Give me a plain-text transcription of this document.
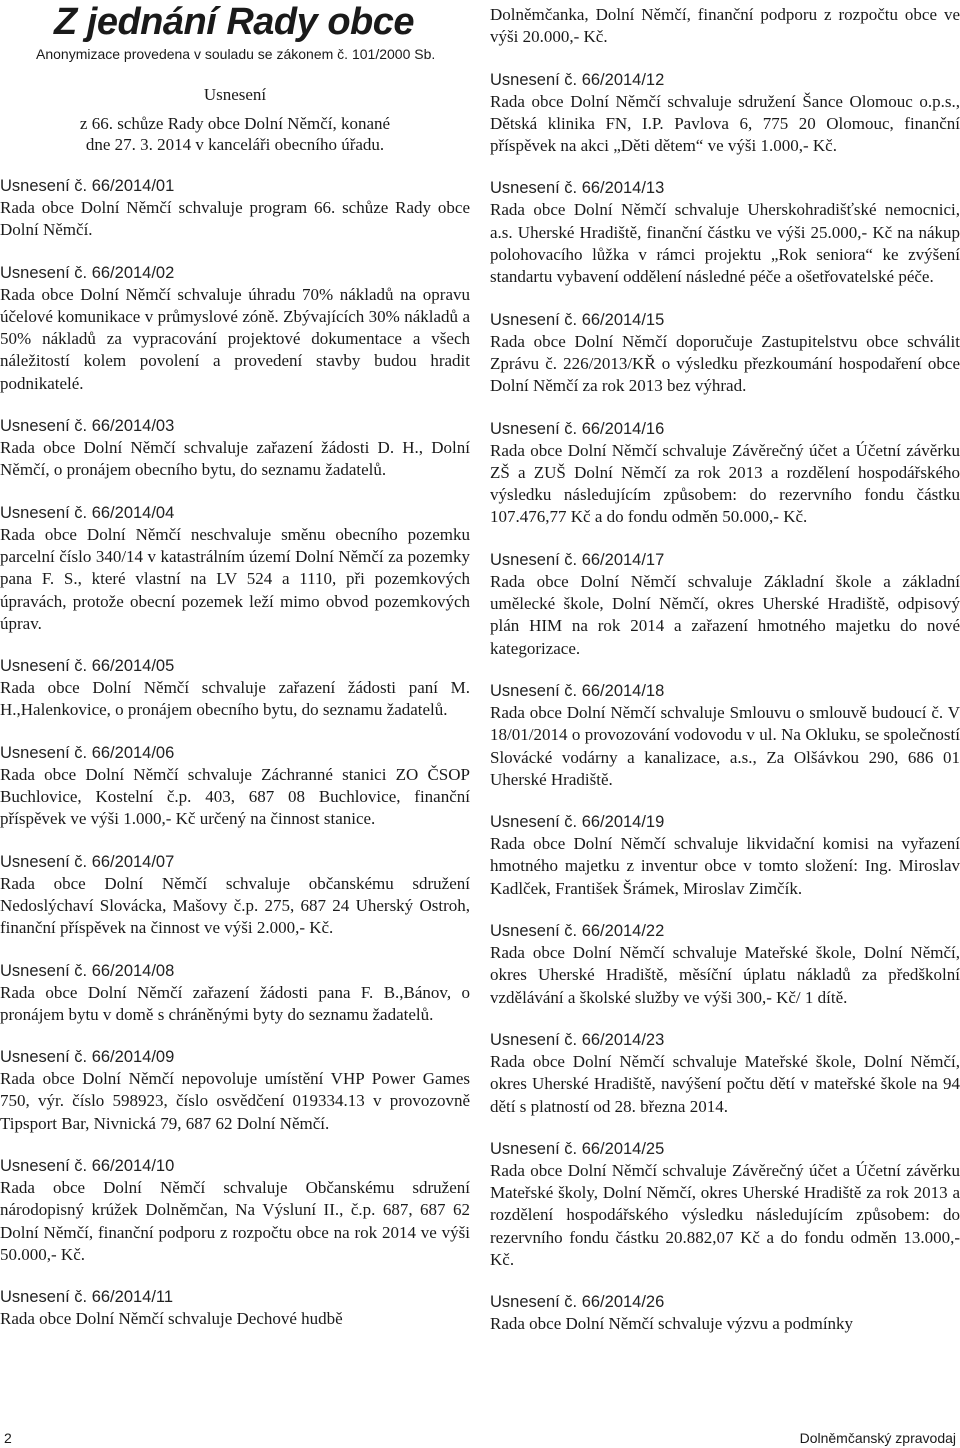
Z jednání Rady obce
Anonymizace provedena v souladu se zákonem č. 101/2000 Sb.
Usnesení
z 66. schůze Rady obce Dolní Němčí, konané
dne 27. 3. 2014 v kanceláři obecního úřadu.
Usnesení č. 66/2014/01
Rada obce Dolní Němčí schvaluje program 66. schůze Rady obce Dolní Němčí.
Usnesení č. 66/2014/02
Rada obce Dolní Němčí schvaluje úhradu 70% nákladů na opravu účelové komunikace v průmyslové zóně. Zbývajících 30% nákladů a 50% nákladů za vypracování projektové dokumentace a všech náležitostí kolem povolení a provedení stavby budou hradit podnikatelé.
Usnesení č. 66/2014/03
Rada obce Dolní Němčí schvaluje zařazení žádosti D. H., Dolní Němčí, o pronájem obecního bytu, do seznamu žadatelů.
Usnesení č. 66/2014/04
Rada obce Dolní Němčí neschvaluje směnu obecního pozemku parcelní číslo 340/14 v katastrálním území Dolní Němčí za pozemky pana F. S., které vlastní na LV 524 a 1110, při pozemkových úpravách, protože obecní pozemek leží mimo obvod pozemkových úprav.
Usnesení č. 66/2014/05
Rada obce Dolní Němčí schvaluje zařazení žádosti paní M. H.,Halenkovice, o pronájem obecního bytu, do seznamu žadatelů.
Usnesení č. 66/2014/06
Rada obce Dolní Němčí schvaluje Záchranné stanici ZO ČSOP Buchlovice, Kostelní č.p. 403, 687 08 Buchlovice, finanční příspěvek ve výši 1.000,- Kč určený na činnost stanice.
Usnesení č. 66/2014/07
Rada obce Dolní Němčí schvaluje občanskému sdružení Nedoslýchaví Slovácka, Mašovy č.p. 275, 687 24 Uherský Ostroh, finanční příspěvek na činnost ve výši 2.000,- Kč.
Usnesení č. 66/2014/08
Rada obce Dolní Němčí zařazení žádosti pana F. B.,Bánov, o pronájem bytu v domě s chráněnými byty do seznamu žadatelů.
Usnesení č. 66/2014/09
Rada obce Dolní Němčí nepovoluje umístění VHP Power Games 750, výr. číslo 598923, číslo osvědčení 019334.13 v provozovně Tipsport Bar, Nivnická 79, 687 62 Dolní Němčí.
Usnesení č. 66/2014/10
Rada obce Dolní Němčí schvaluje Občanskému sdružení národopisný krúžek Dolněmčan, Na Výsluní II., č.p. 687, 687 62 Dolní Němčí, finanční podporu z rozpočtu obce na rok 2014 ve výši 50.000,- Kč.
Usnesení č. 66/2014/11
Rada obce Dolní Němčí schvaluje Dechové hudbě
Dolněmčanka, Dolní Němčí, finanční podporu z rozpočtu obce ve výši 20.000,- Kč.
Usnesení č. 66/2014/12
Rada obce Dolní Němčí schvaluje sdružení Šance Olomouc o.p.s., Dětská klinika FN, I.P. Pavlova 6, 775 20 Olomouc, finanční příspěvek na akci „Děti dětem“ ve výši 1.000,- Kč.
Usnesení č. 66/2014/13
Rada obce Dolní Němčí schvaluje Uherskohradišťské nemocnici, a.s. Uherské Hradiště, finanční částku ve výši 25.000,- Kč na nákup polohovacího lůžka v rámci projektu „Rok seniora“ ke zvýšení standartu vybavení oddělení následné péče a ošetřovatelské péče.
Usnesení č. 66/2014/15
Rada obce Dolní Němčí doporučuje Zastupitelstvu obce schválit Zprávu č. 226/2013/KŘ o výsledku přezkoumání hospodaření obce Dolní Němčí za rok 2013 bez výhrad.
Usnesení č. 66/2014/16
Rada obce Dolní Němčí schvaluje Závěrečný účet a Účetní závěrku ZŠ a ZUŠ Dolní Němčí za rok 2013 a rozdělení hospodářského výsledku následujícím způsobem: do rezervního fondu částku 107.476,77 Kč a do fondu odměn 50.000,- Kč.
Usnesení č. 66/2014/17
Rada obce Dolní Němčí schvaluje Základní škole a základní umělecké škole, Dolní Němčí, okres Uherské Hradiště, odpisový plán HIM na rok 2014 a zařazení hmotného majetku do nové kategorizace.
Usnesení č. 66/2014/18
Rada obce Dolní Němčí schvaluje Smlouvu o smlouvě budoucí č. V 18/01/2014 o provozování vodovodu v ul. Na Okluku, se společností Slovácké vodárny a kanalizace, a.s., Za Olšávkou 290, 686 01 Uherské Hradiště.
Usnesení č. 66/2014/19
Rada obce Dolní Němčí schvaluje likvidační komisi na vyřazení hmotného majetku z inventur obce v tomto složení: Ing. Miroslav Kadlček, František Šrámek, Miroslav Zimčík.
Usnesení č. 66/2014/22
Rada obce Dolní Němčí schvaluje Mateřské škole, Dolní Němčí, okres Uherské Hradiště, měsíční úplatu nákladů za předškolní vzdělávání a školské služby ve výši 300,- Kč/ 1 dítě.
Usnesení č. 66/2014/23
Rada obce Dolní Němčí schvaluje Mateřské škole, Dolní Němčí, okres Uherské Hradiště, navýšení počtu dětí v mateřské škole na 94 dětí s platností od 28. března 2014.
Usnesení č. 66/2014/25
Rada obce Dolní Němčí schvaluje Závěrečný účet a Účetní závěrku Mateřské školy, Dolní Němčí, okres Uherské Hradiště za rok 2013 a rozdělení hospodářského výsledku následujícím způsobem: do rezervního fondu částku 20.882,07 Kč a do fondu odměn 13.000,- Kč.
Usnesení č. 66/2014/26
Rada obce Dolní Němčí schvaluje výzvu a podmínky
2	Dolněmčanský zpravodaj
